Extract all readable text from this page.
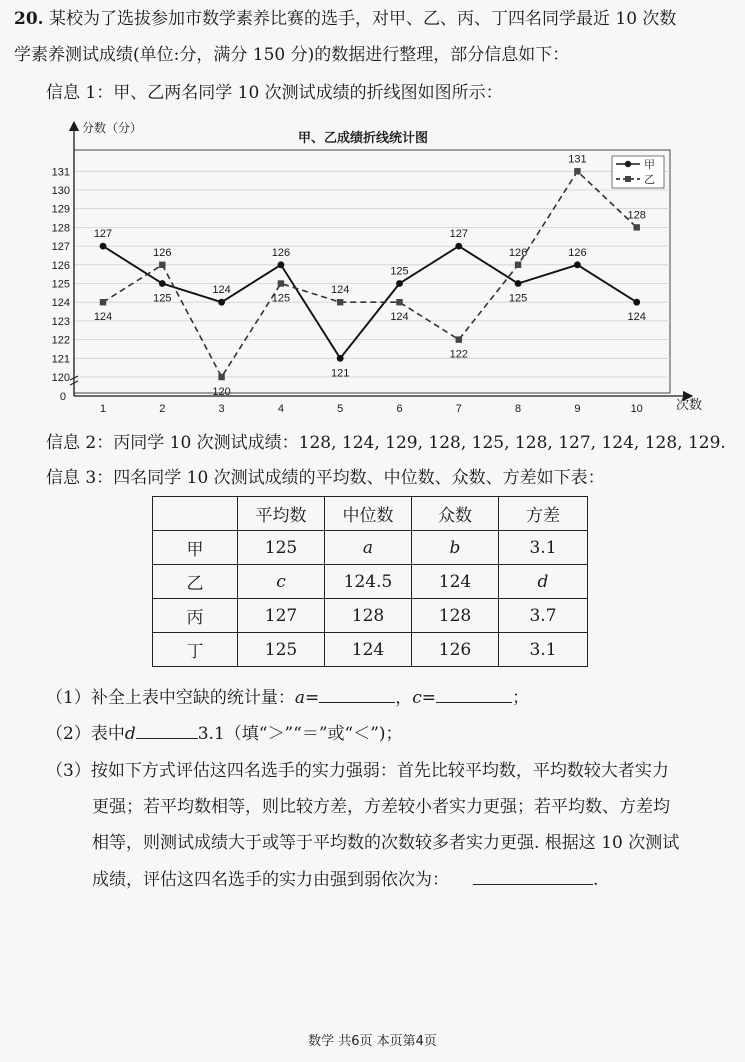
20. 某校为了选拔参加市数学素养比赛的选手，对甲、乙、丙、丁四名同学最近 10 次数
学素养测试成绩(单位:分，满分 150 分)的数据进行整理，部分信息如下：
信息 1：甲、乙两名同学 10 次测试成绩的折线图如图所示：
分数（分）
甲、乙成绩折线统计图
次数
0
120
121
122
123
124
125
126
127
128
129
130
131
1	2	3	4	5	6	7	8	9	10
127
125
124
126
121
125
127
125
126
124
124
126
120
125
124
124
122
126
131
128
甲
乙
信息 2：丙同学 10 次测试成绩：128, 124, 129, 128, 125, 128, 127, 124, 128, 129.
信息 3：四名同学 10 次测试成绩的平均数、中位数、众数、方差如下表：
	平均数	中位数	众数	方差
甲	125	a	b	3.1
乙	c	124.5	124	d
丙	127	128	128	3.7
丁	125	124	126	3.1
（1）补全上表中空缺的统计量：a=	，c=	；
（2）表中d	3.1（填“＞”“＝”或“＜”)；
（3）按如下方式评估这四名选手的实力强弱：首先比较平均数，平均数较大者实力
更强；若平均数相等，则比较方差，方差较小者实力更强；若平均数、方差均
相等，则测试成绩大于或等于平均数的次数较多者实力更强. 根据这 10 次测试
成绩，评估这四名选手的实力由强到弱依次为：	.
数学 共6页 本页第4页
